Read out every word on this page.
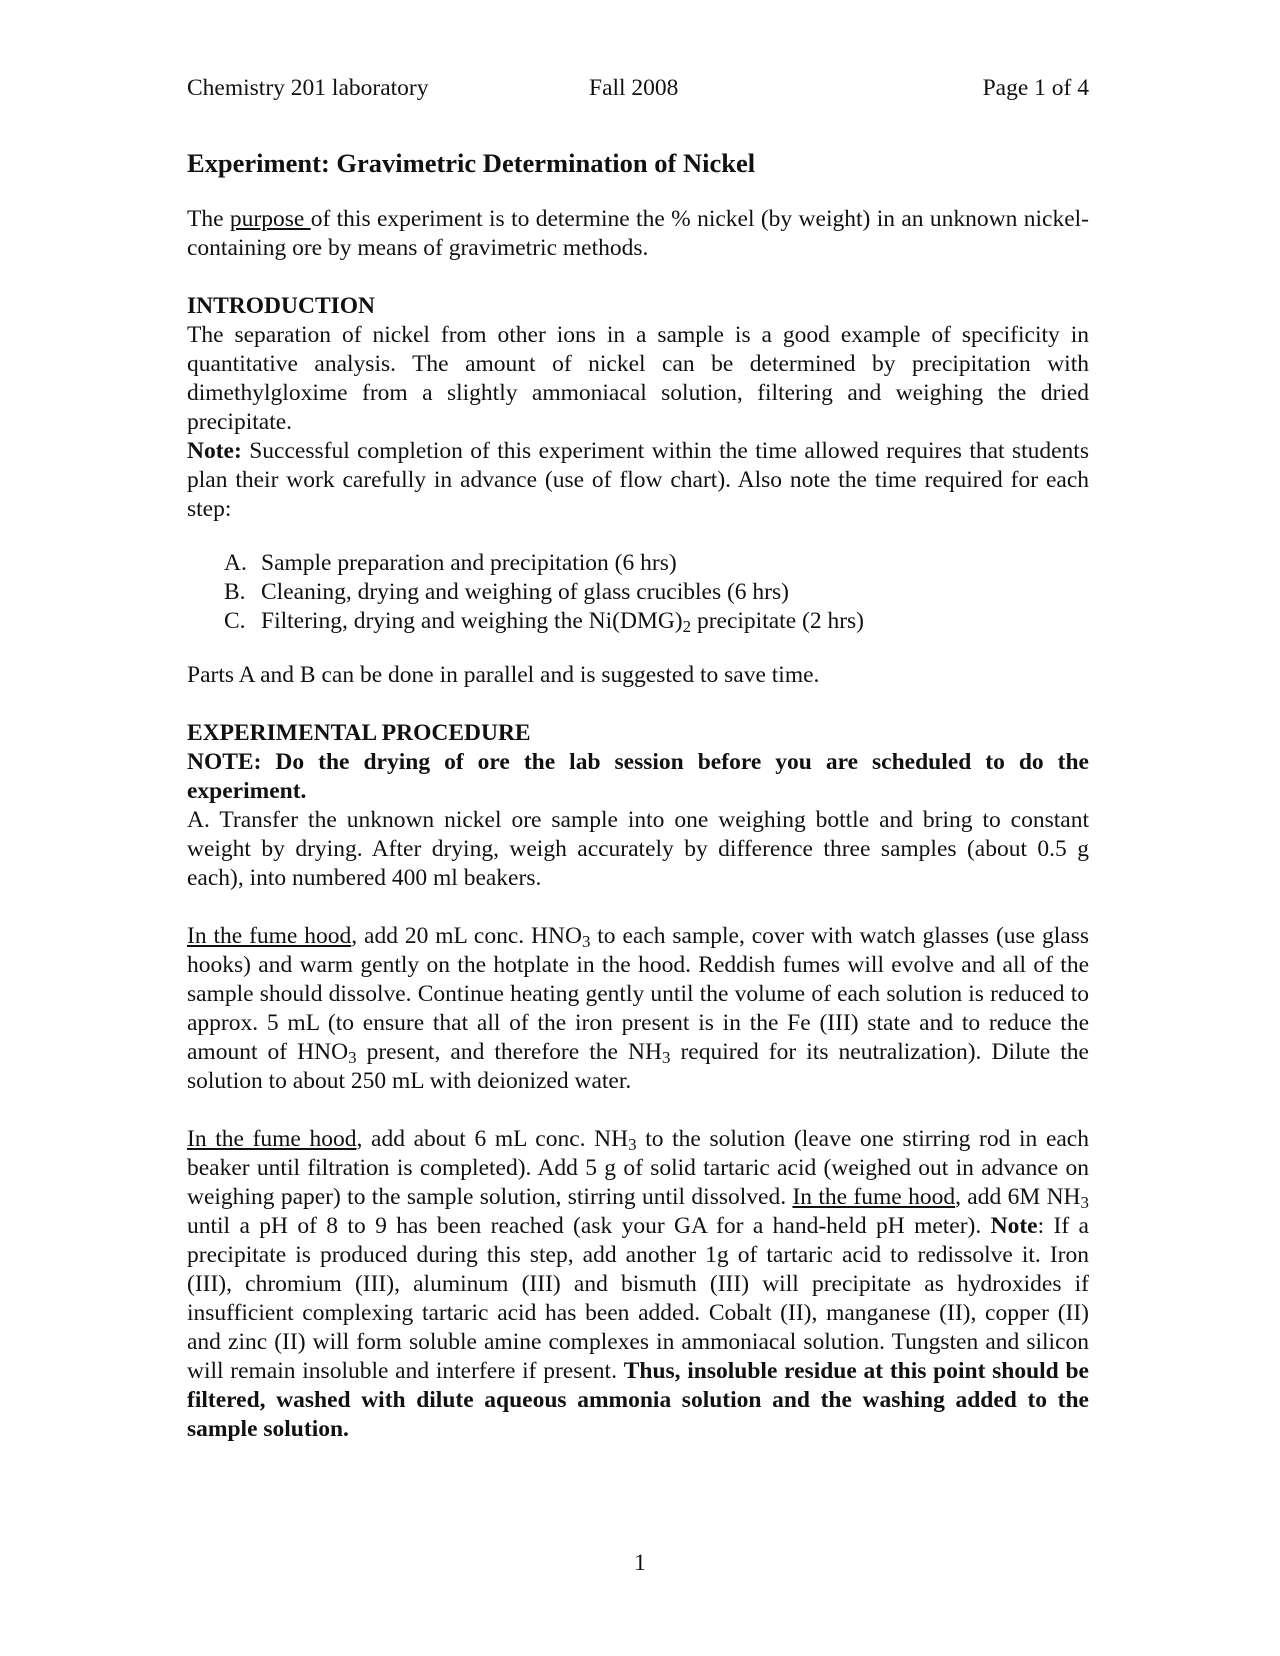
Chemistry 201 laboratory	Fall 2008	Page 1 of 4
Experiment: Gravimetric Determination of Nickel

The purpose of this experiment is to determine the % nickel (by weight) in an unknown nickel-containing ore by means of gravimetric methods.

INTRODUCTION

The separation of nickel from other ions in a sample is a good example of specificity in quantitative analysis. The amount of nickel can be determined by precipitation with dimethylgloxime from a slightly ammoniacal solution, filtering and weighing the dried precipitate.

Note: Successful completion of this experiment within the time allowed requires that students plan their work carefully in advance (use of flow chart). Also note the time required for each step:

A. Sample preparation and precipitation (6 hrs)
B. Cleaning, drying and weighing of glass crucibles (6 hrs)
C. Filtering, drying and weighing the $Ni(DMG)_2$ precipitate (2 hrs)

Parts A and B can be done in parallel and is suggested to save time.

EXPERIMENTAL PROCEDURE

NOTE: Do the drying of ore the lab session before you are scheduled to do the experiment.

A. Transfer the unknown nickel ore sample into one weighing bottle and bring to constant weight by drying. After drying, weigh accurately by difference three samples (about 0.5 g each), into numbered 400 ml beakers.

In the fume hood, add 20 mL conc. $HNO_3$ to each sample, cover with watch glasses (use glass hooks) and warm gently on the hotplate in the hood. Reddish fumes will evolve and all of the sample should dissolve. Continue heating gently until the volume of each solution is reduced to approx. 5 mL (to ensure that all of the iron present is in the Fe (III) state and to reduce the amount of $HNO_3$ present, and therefore the $NH_3$ required for its neutralization). Dilute the solution to about 250 mL with deionized water.

In the fume hood, add about 6 mL conc. $NH_3$ to the solution (leave one stirring rod in each beaker until filtration is completed). Add 5 g of solid tartaric acid (weighed out in advance on weighing paper) to the sample solution, stirring until dissolved. In the fume hood, add 6M $NH_3$ until a pH of 8 to 9 has been reached (ask your GA for a hand-held pH meter). Note: If a precipitate is produced during this step, add another 1g of tartaric acid to redissolve it. Iron (III), chromium (III), aluminum (III) and bismuth (III) will precipitate as hydroxides if insufficient complexing tartaric acid has been added. Cobalt (II), manganese (II), copper (II) and zinc (II) will form soluble amine complexes in ammoniacal solution. Tungsten and silicon will remain insoluble and interfere if present. Thus, insoluble residue at this point should be filtered, washed with dilute aqueous ammonia solution and the washing added to the sample solution.

1
